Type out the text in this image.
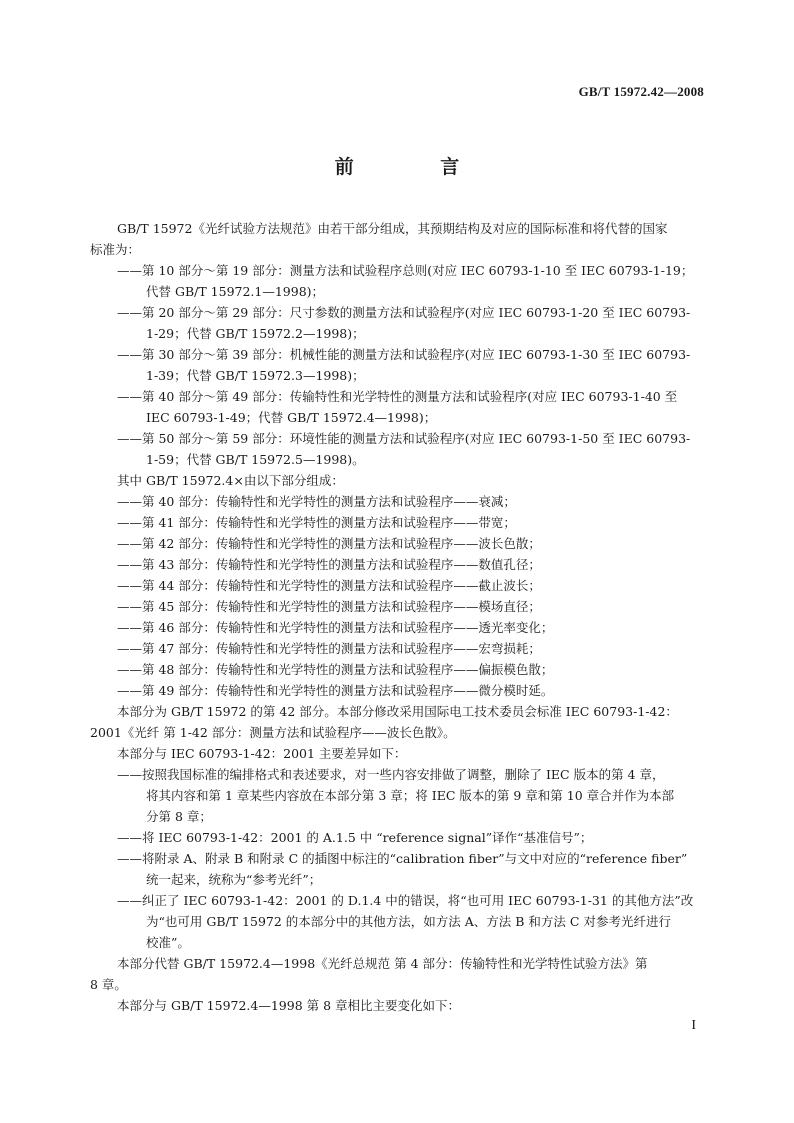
GB/T 15972.42—2008
前 言
GB/T 15972《光纤试验方法规范》由若干部分组成，其预期结构及对应的国际标准和将代替的国家
标准为：
——第 10 部分～第 19 部分：测量方法和试验程序总则(对应 IEC 60793-1-10 至 IEC 60793-1-19；
代替 GB/T 15972.1—1998)；
——第 20 部分～第 29 部分：尺寸参数的测量方法和试验程序(对应 IEC 60793-1-20 至 IEC 60793-
1-29；代替 GB/T 15972.2—1998)；
——第 30 部分～第 39 部分：机械性能的测量方法和试验程序(对应 IEC 60793-1-30 至 IEC 60793-
1-39；代替 GB/T 15972.3—1998)；
——第 40 部分～第 49 部分：传输特性和光学特性的测量方法和试验程序(对应 IEC 60793-1-40 至
IEC 60793-1-49；代替 GB/T 15972.4—1998)；
——第 50 部分～第 59 部分：环境性能的测量方法和试验程序(对应 IEC 60793-1-50 至 IEC 60793-
1-59；代替 GB/T 15972.5—1998)。
其中 GB/T 15972.4×由以下部分组成：
——第 40 部分：传输特性和光学特性的测量方法和试验程序——衰减；
——第 41 部分：传输特性和光学特性的测量方法和试验程序——带宽；
——第 42 部分：传输特性和光学特性的测量方法和试验程序——波长色散；
——第 43 部分：传输特性和光学特性的测量方法和试验程序——数值孔径；
——第 44 部分：传输特性和光学特性的测量方法和试验程序——截止波长；
——第 45 部分：传输特性和光学特性的测量方法和试验程序——模场直径；
——第 46 部分：传输特性和光学特性的测量方法和试验程序——透光率变化；
——第 47 部分：传输特性和光学特性的测量方法和试验程序——宏弯损耗；
——第 48 部分：传输特性和光学特性的测量方法和试验程序——偏振模色散；
——第 49 部分：传输特性和光学特性的测量方法和试验程序——微分模时延。
本部分为 GB/T 15972 的第 42 部分。本部分修改采用国际电工技术委员会标准 IEC 60793-1-42：
2001《光纤 第 1-42 部分：测量方法和试验程序——波长色散》。
本部分与 IEC 60793-1-42：2001 主要差异如下：
——按照我国标准的编排格式和表述要求，对一些内容安排做了调整，删除了 IEC 版本的第 4 章，
将其内容和第 1 章某些内容放在本部分第 3 章；将 IEC 版本的第 9 章和第 10 章合并作为本部
分第 8 章；
——将 IEC 60793-1-42：2001 的 A.1.5 中 “reference signal”译作“基准信号”；
——将附录 A、附录 B 和附录 C 的插图中标注的“calibration fiber”与文中对应的“reference fiber”
统一起来，统称为“参考光纤”；
——纠正了 IEC 60793-1-42：2001 的 D.1.4 中的错误，将“也可用 IEC 60793-1-31 的其他方法”改
为“也可用 GB/T 15972 的本部分中的其他方法，如方法 A、方法 B 和方法 C 对参考光纤进行
校准”。
本部分代替 GB/T 15972.4—1998《光纤总规范 第 4 部分：传输特性和光学特性试验方法》第
8 章。
本部分与 GB/T 15972.4—1998 第 8 章相比主要变化如下：
I
